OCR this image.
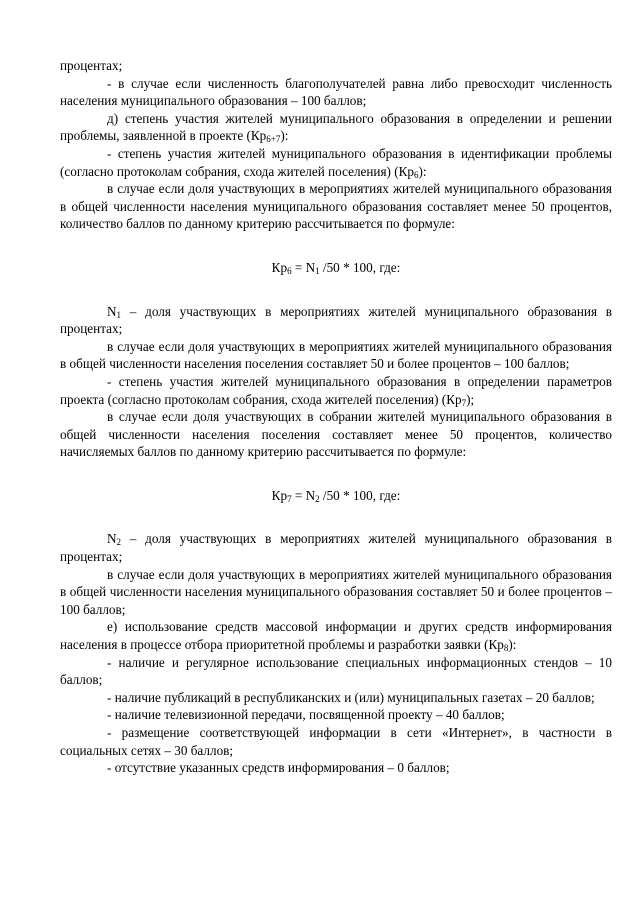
процентах;

- в случае если численность благополучателей равна либо превосходит численность населения муниципального образования – 100 баллов;

д) степень участия жителей муниципального образования в определении и решении проблемы, заявленной в проекте $(Кр_{6+7})$:

- степень участия жителей муниципального образования в идентификации проблемы (согласно протоколам собрания, схода жителей поселения) $(Кр_6)$:

в случае если доля участвующих в мероприятиях жителей муниципального образования в общей численности населения муниципального образования составляет менее 50 процентов, количество баллов по данному критерию рассчитывается по формуле:

$Кр_6 = N_1$ /50 * 100, где:

$N_1$ – доля участвующих в мероприятиях жителей муниципального образования в процентах;

в случае если доля участвующих в мероприятиях жителей муниципального образования в общей численности населения поселения составляет 50 и более процентов – 100 баллов;

- степень участия жителей муниципального образования в определении параметров проекта (согласно протоколам собрания, схода жителей поселения) $(Кр_7)$;

в случае если доля участвующих в собрании жителей муниципального образования в общей численности населения поселения составляет менее 50 процентов, количество начисляемых баллов по данному критерию рассчитывается по формуле:

$Кр_7 = N_2$ /50 * 100, где:

$N_2$ – доля участвующих в мероприятиях жителей муниципального образования в процентах;

в случае если доля участвующих в мероприятиях жителей муниципального образования в общей численности населения муниципального образования составляет 50 и более процентов – 100 баллов;

е) использование средств массовой информации и других средств информирования населения в процессе отбора приоритетной проблемы и разработки заявки $(Кр_8)$:

- наличие и регулярное использование специальных информационных стендов – 10 баллов;

- наличие публикаций в республиканских и (или) муниципальных газетах – 20 баллов;

- наличие телевизионной передачи, посвященной проекту – 40 баллов;

- размещение соответствующей информации в сети «Интернет», в частности в социальных сетях – 30 баллов;

- отсутствие указанных средств информирования – 0 баллов;
